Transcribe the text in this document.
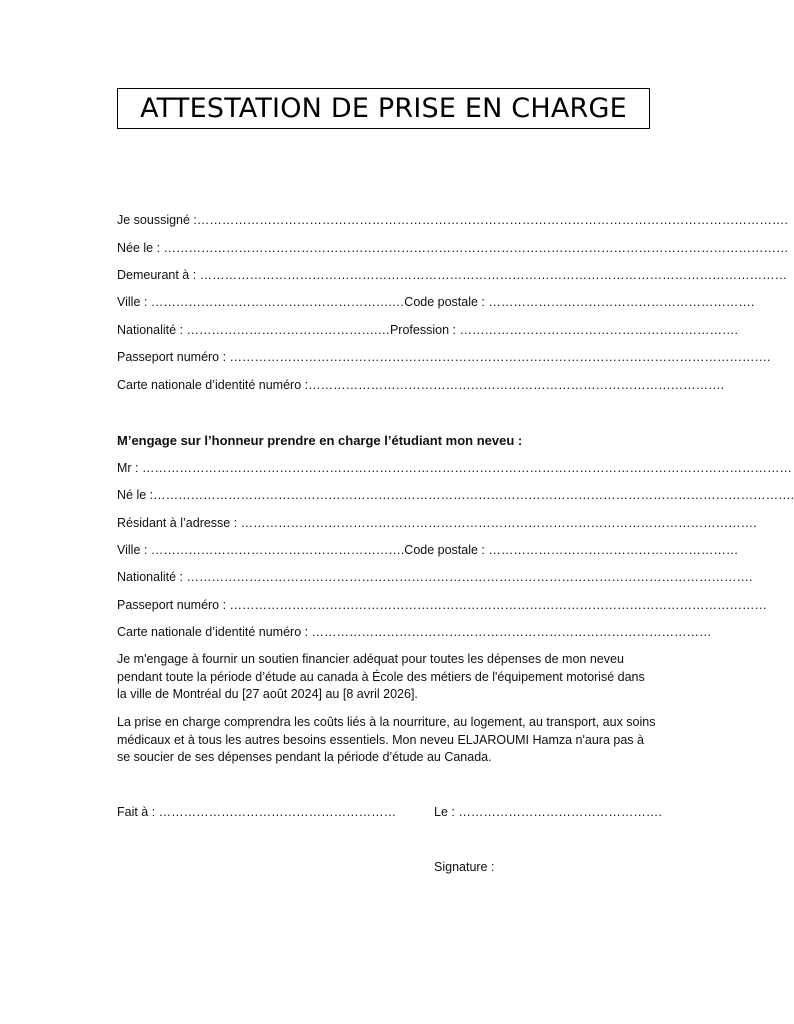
ATTESTATION DE PRISE EN CHARGE
Je soussigné :…………………………………………………………………………………………………………………………….
Née le : ……………………………………………………………………………………………………………………………………
Demeurant à : ……………………………………………………………………………………………………………………………
Ville : ………………………………………………….… Code postale : ……………………………………………………….
Nationalité : ……………………………………….… Profession : ………………………………………………………….
Passeport numéro : ………………………………………………………………………………………………………………….
Carte nationale d’identité numéro :……………………………………………………………………………………….
M’engage sur l’honneur prendre en charge l’étudiant mon neveu :
Mr : …………………………………………………………………………………………………………………………………………
Né le :……………………………………………………………………………………………………………………………………….
Résidant à l’adresse : …………………………………………………………………………………………………………….
Ville : ……………………………………………………. Code postale : ……………………………………………………
Nationalité : ……………………………………………………………………………………………………………………….
Passeport numéro : …………………………………………………………………………………………………………………
Carte nationale d’identité numéro : ……………………………………………………………………………………
Je m'engage à fournir un soutien financier adéquat pour toutes les dépenses de mon neveu pendant toute la période d’étude au canada à École des métiers de l'équipement motorisé dans la ville de Montréal du [27 août 2024] au [8 avril 2026].
La prise en charge comprendra les coûts liés à la nourriture, au logement, au transport, aux soins médicaux et à tous les autres besoins essentiels. Mon neveu ELJAROUMI Hamza n'aura pas à se soucier de ses dépenses pendant la période d’étude au Canada.
Fait à : …………………………………………………	Le : ………………………………………….
Signature :
